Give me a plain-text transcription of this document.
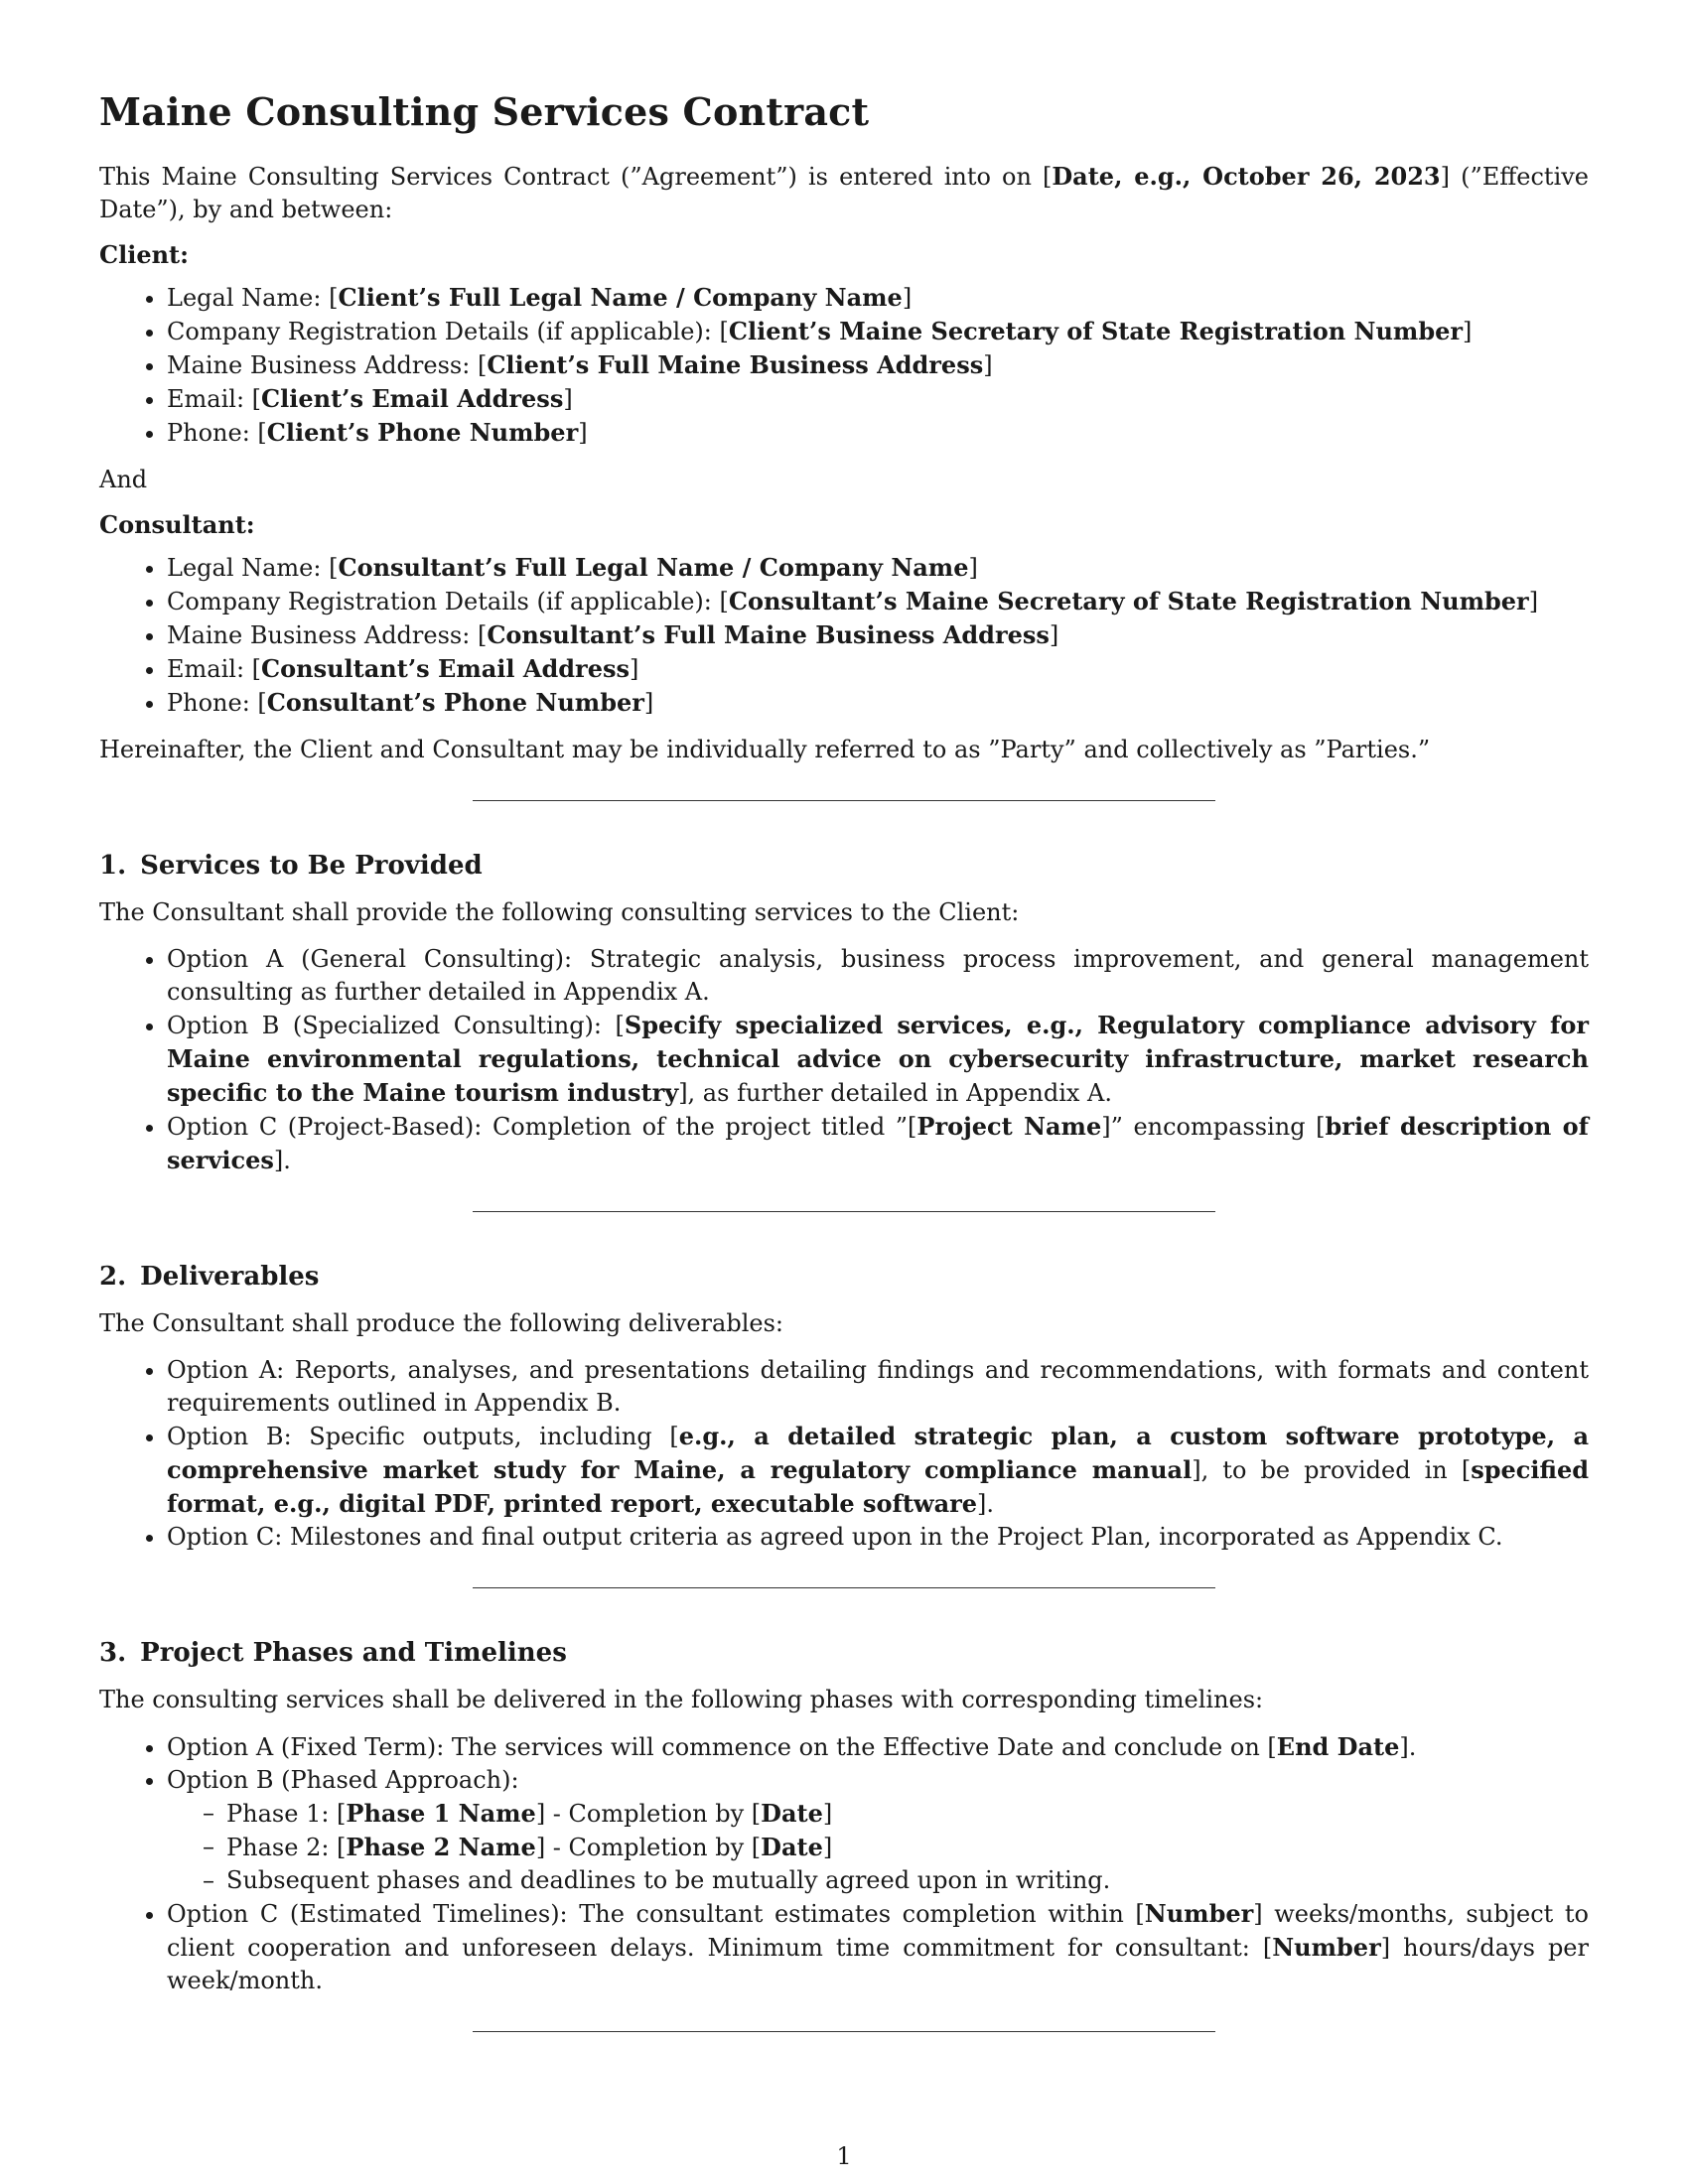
Maine Consulting Services Contract

This Maine Consulting Services Contract (”Agreement”) is entered into on [Date, e.g., October 26, 2023] (”Effective Date”), by and between:

Client:
• Legal Name: [Client’s Full Legal Name / Company Name]
• Company Registration Details (if applicable): [Client’s Maine Secretary of State Registration Number]
• Maine Business Address: [Client’s Full Maine Business Address]
• Email: [Client’s Email Address]
• Phone: [Client’s Phone Number]

And

Consultant:
• Legal Name: [Consultant’s Full Legal Name / Company Name]
• Company Registration Details (if applicable): [Consultant’s Maine Secretary of State Registration Number]
• Maine Business Address: [Consultant’s Full Maine Business Address]
• Email: [Consultant’s Email Address]
• Phone: [Consultant’s Phone Number]

Hereinafter, the Client and Consultant may be individually referred to as ”Party” and collectively as ”Parties.”

1. Services to Be Provided

The Consultant shall provide the following consulting services to the Client:

• Option A (General Consulting): Strategic analysis, business process improvement, and general management consulting as further detailed in Appendix A.
• Option B (Specialized Consulting): [Specify specialized services, e.g., Regulatory compliance advisory for Maine environmental regulations, technical advice on cybersecurity infrastructure, market research specific to the Maine tourism industry], as further detailed in Appendix A.
• Option C (Project-Based): Completion of the project titled ”[Project Name]” encompassing [brief description of services].
2. Deliverables

The Consultant shall produce the following deliverables:

• Option A: Reports, analyses, and presentations detailing findings and recommendations, with formats and content requirements outlined in Appendix B.
• Option B: Specific outputs, including [e.g., a detailed strategic plan, a custom software prototype, a comprehensive market study for Maine, a regulatory compliance manual], to be provided in [specified format, e.g., digital PDF, printed report, executable software].
• Option C: Milestones and final output criteria as agreed upon in the Project Plan, incorporated as Appendix C.
3. Project Phases and Timelines

The consulting services shall be delivered in the following phases with corresponding timelines:

• Option A (Fixed Term): The services will commence on the Effective Date and conclude on [End Date].
• Option B (Phased Approach):
– Phase 1: [Phase 1 Name] - Completion by [Date]
– Phase 2: [Phase 2 Name] - Completion by [Date]
– Subsequent phases and deadlines to be mutually agreed upon in writing.
• Option C (Estimated Timelines): The consultant estimates completion within [Number] weeks/months, subject to client cooperation and unforeseen delays. Minimum time commitment for consultant: [Number] hours/days per week/month.
1
